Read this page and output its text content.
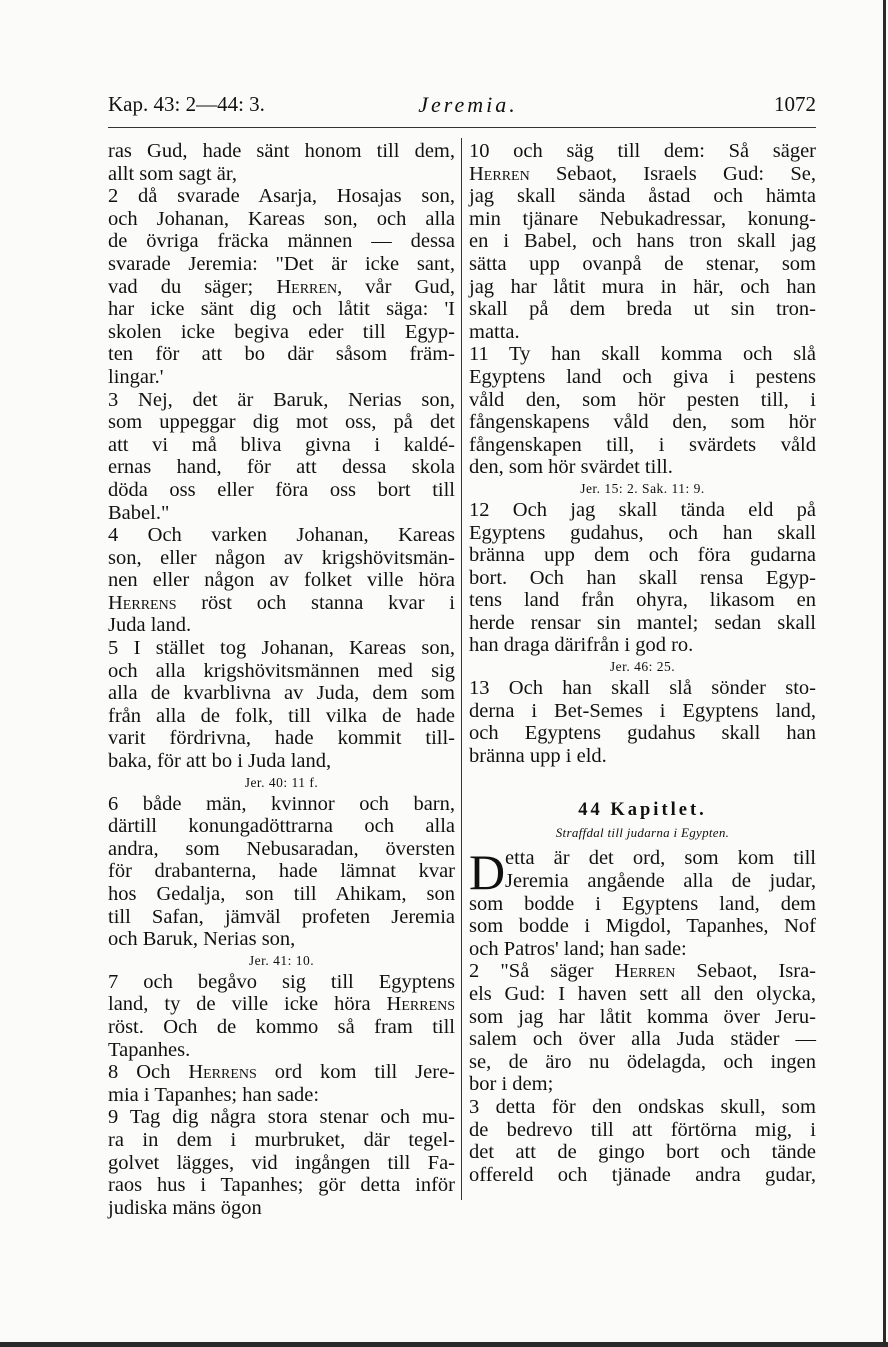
Kap. 43: 2—44: 3.	Jeremia.	1072
ras Gud, hade sänt honom till dem,
allt som sagt är,
2 då svarade Asarja, Hosajas son,
och Johanan, Kareas son, och alla
de övriga fräcka männen — dessa
svarade Jeremia: "Det är icke sant,
vad du säger; Herren, vår Gud,
har icke sänt dig och låtit säga: 'I
skolen icke begiva eder till Egyp-
ten för att bo där såsom främ-
lingar.'
3 Nej, det är Baruk, Nerias son,
som uppeggar dig mot oss, på det
att vi må bliva givna i kaldé-
ernas hand, för att dessa skola
döda oss eller föra oss bort till
Babel."
4 Och varken Johanan, Kareas
son, eller någon av krigshövitsmän-
nen eller någon av folket ville höra
Herrens röst och stanna kvar i
Juda land.
5 I stället tog Johanan, Kareas son,
och alla krigshövitsmännen med sig
alla de kvarblivna av Juda, dem som
från alla de folk, till vilka de hade
varit fördrivna, hade kommit till-
baka, för att bo i Juda land,
Jer. 40: 11 f.
6 både män, kvinnor och barn,
därtill konungadöttrarna och alla
andra, som Nebusaradan, översten
för drabanterna, hade lämnat kvar
hos Gedalja, son till Ahikam, son
till Safan, jämväl profeten Jeremia
och Baruk, Nerias son,
Jer. 41: 10.
7 och begåvo sig till Egyptens
land, ty de ville icke höra Herrens
röst. Och de kommo så fram till
Tapanhes.
8 Och Herrens ord kom till Jere-
mia i Tapanhes; han sade:
9 Tag dig några stora stenar och mu-
ra in dem i murbruket, där tegel-
golvet lägges, vid ingången till Fa-
raos hus i Tapanhes; gör detta inför
judiska mäns ögon
10 och säg till dem: Så säger
Herren Sebaot, Israels Gud: Se,
jag skall sända åstad och hämta
min tjänare Nebukadressar, konung-
en i Babel, och hans tron skall jag
sätta upp ovanpå de stenar, som
jag har låtit mura in här, och han
skall på dem breda ut sin tron-
matta.
11 Ty han skall komma och slå
Egyptens land och giva i pestens
våld den, som hör pesten till, i
fångenskapens våld den, som hör
fångenskapen till, i svärdets våld
den, som hör svärdet till.
Jer. 15: 2. Sak. 11: 9.
12 Och jag skall tända eld på
Egyptens gudahus, och han skall
bränna upp dem och föra gudarna
bort. Och han skall rensa Egyp-
tens land från ohyra, likasom en
herde rensar sin mantel; sedan skall
han draga därifrån i god ro.
Jer. 46: 25.
13 Och han skall slå sönder sto-
derna i Bet-Semes i Egyptens land,
och Egyptens gudahus skall han
bränna upp i eld.
44 Kapitlet.
Straffdal till judarna i Egypten.
D etta är det ord, som kom till
Jeremia angående alla de judar,
som bodde i Egyptens land, dem
som bodde i Migdol, Tapanhes, Nof
och Patros' land; han sade:
2 "Så säger Herren Sebaot, Isra-
els Gud: I haven sett all den olycka,
som jag har låtit komma över Jeru-
salem och över alla Juda städer —
se, de äro nu ödelagda, och ingen
bor i dem;
3 detta för den ondskas skull, som
de bedrevo till att förtörna mig, i
det att de gingo bort och tände
offereld och tjänade andra gudar,
